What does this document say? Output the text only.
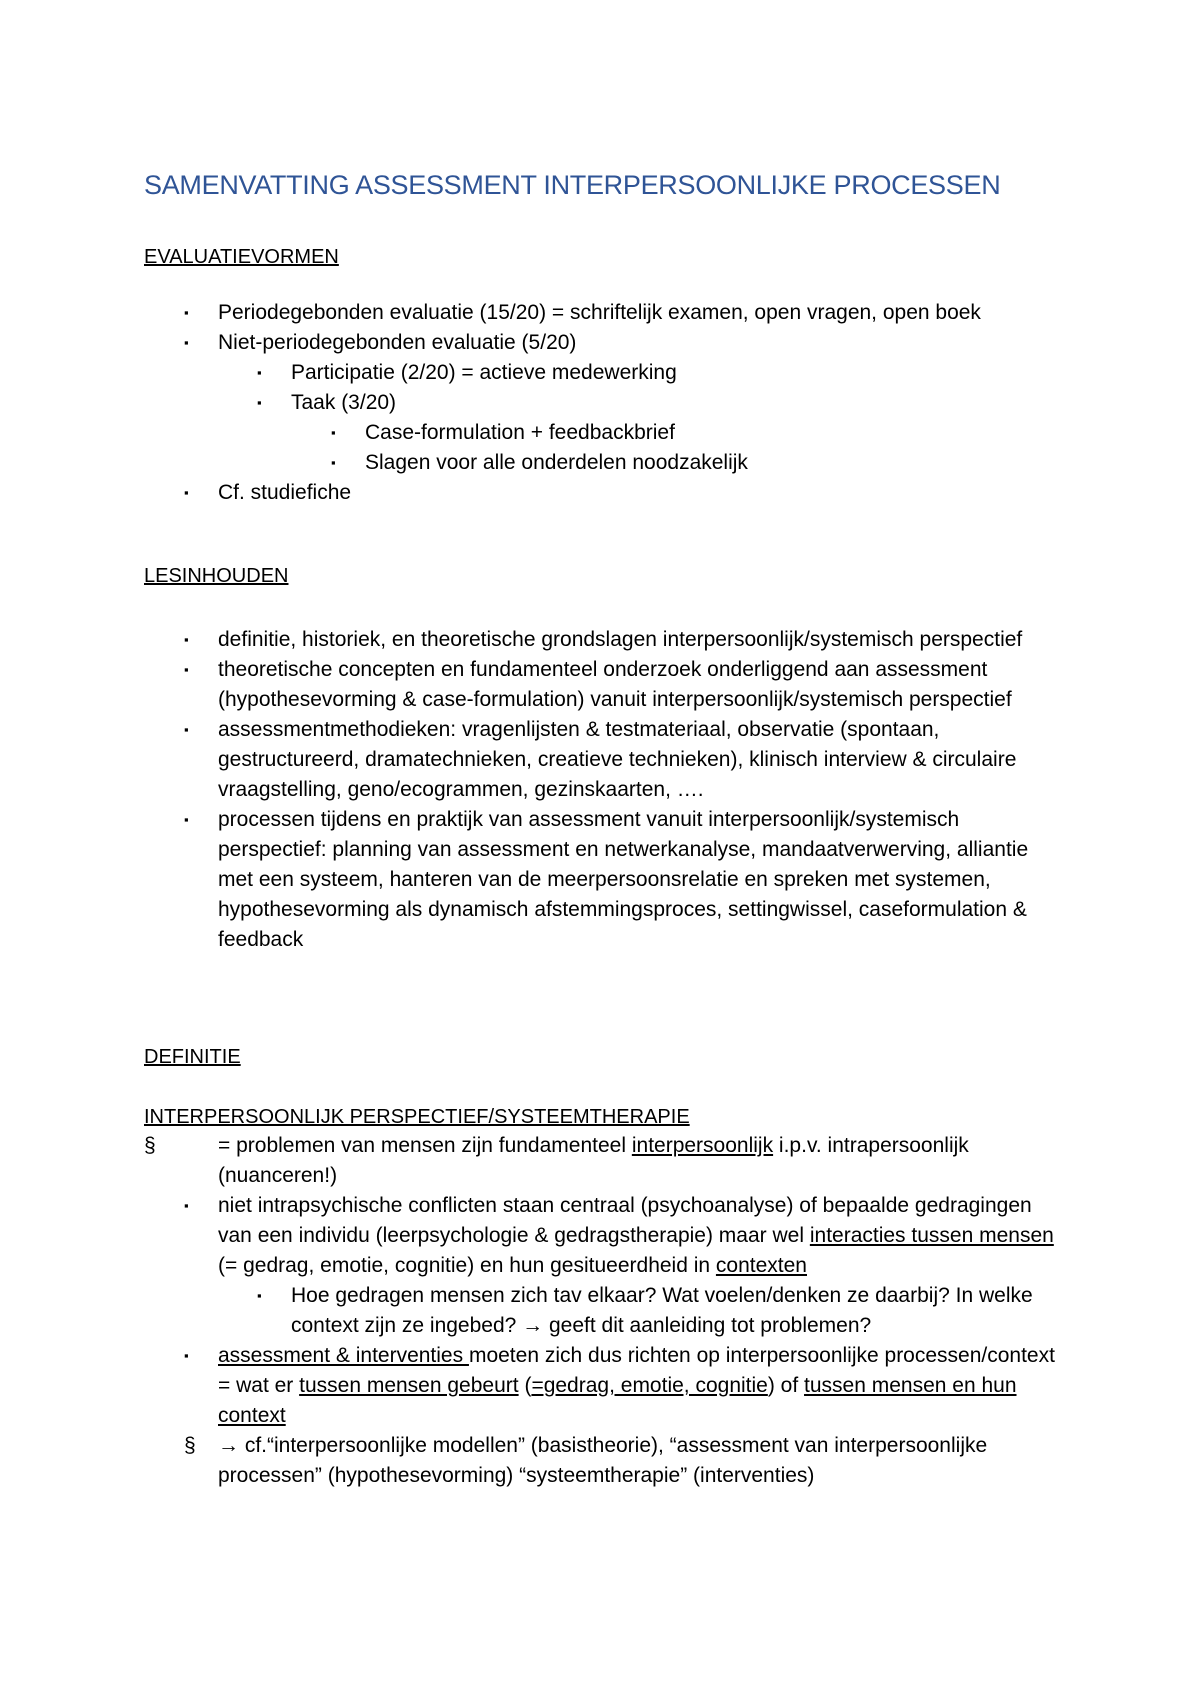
SAMENVATTING ASSESSMENT INTERPERSOONLIJKE PROCESSEN
EVALUATIEVORMEN
▪ Periodegebonden evaluatie (15/20) = schriftelijk examen, open vragen, open boek
▪ Niet-periodegebonden evaluatie (5/20)
▪ Participatie (2/20) = actieve medewerking
▪ Taak (3/20)
▪ Case-formulation + feedbackbrief
▪ Slagen voor alle onderdelen noodzakelijk
▪ Cf. studiefiche
LESINHOUDEN
▪ definitie, historiek, en theoretische grondslagen interpersoonlijk/systemisch perspectief
▪ theoretische concepten en fundamenteel onderzoek onderliggend aan assessment (hypothesevorming & case-formulation) vanuit interpersoonlijk/systemisch perspectief
▪ assessmentmethodieken: vragenlijsten & testmateriaal, observatie (spontaan, gestructureerd, dramatechnieken, creatieve technieken), klinisch interview & circulaire vraagstelling, geno/ecogrammen, gezinskaarten, ….
▪ processen tijdens en praktijk van assessment vanuit interpersoonlijk/systemisch perspectief: planning van assessment en netwerkanalyse, mandaatverwerving, alliantie met een systeem, hanteren van de meerpersoonsrelatie en spreken met systemen, hypothesevorming als dynamisch afstemmingsproces, settingwissel, caseformulation & feedback
DEFINITIE
INTERPERSOONLIJK PERSPECTIEF/SYSTEEMTHERAPIE
§	= problemen van mensen zijn fundamenteel interpersoonlijk i.p.v. intrapersoonlijk (nuanceren!)
▪ niet intrapsychische conflicten staan centraal (psychoanalyse) of bepaalde gedragingen van een individu (leerpsychologie & gedragstherapie) maar wel interacties tussen mensen (= gedrag, emotie, cognitie) en hun gesitueerdheid in contexten
▪ Hoe gedragen mensen zich tav elkaar? Wat voelen/denken ze daarbij? In welke context zijn ze ingebed? → geeft dit aanleiding tot problemen?
▪ assessment & interventies moeten zich dus richten op interpersoonlijke processen/context = wat er tussen mensen gebeurt (=gedrag, emotie, cognitie) of tussen mensen en hun context
§ → cf.“interpersoonlijke modellen” (basistheorie), “assessment van interpersoonlijke processen” (hypothesevorming) “systeemtherapie” (interventies)
